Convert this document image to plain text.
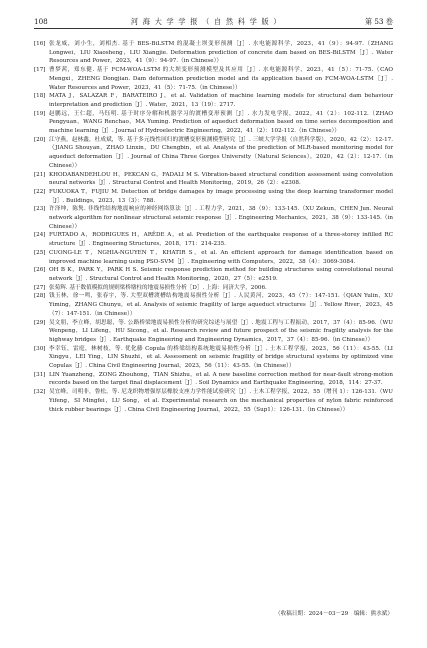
108	河 海 大 学 学 报 （ 自 然 科 学 版 ）	第 53 卷
[16] 张龙威，刘小生，刘相杰. 基于 BES-BiLSTM 的混凝土坝变形预测［J］. 水电能源科学，2023，41（9）：94-97.（ZHANG Longwei，LIU Xiaosheng，LIU Xiangjie. Deformation prediction of concrete dam based on BES-BiLSTM［J］. Water Resources and Power，2023，41（9）：94-97.（in Chinese））
[17] 曹梦茜，郑东健. 基于 FCM-WOA-LSTM 的大坝变形预测模型及其应用［J］. 水电能源科学，2023，41（5）：71-75.（CAO Mengxi，ZHENG Dongjian. Dam deformation prediction model and its application based on FCM-WOA-LSTM［J］. Water Resources and Power，2023，41（5）：71-75.（in Chinese））
[18] MATA J，SALAZAR F，BARATEIRO J，et al. Validation of machine learning models for structural dam behaviour interpretation and prediction［J］. Water，2021，13（19）：2717.
[19] 赵鹏远，王仁超，马钰明. 基于时序分解和机器学习的渡槽变形预测［J］. 水力发电学报，2022，41（2）：102-112.（ZHAO Pengyuan，WANG Renchao，MA Yuming. Prediction of aqueduct deformation based on time series decomposition and machine learning［J］. Journal of Hydroelectric Engineering，2022，41（2）：102-112.（in Chinese））
[20] 江守燕，赵林鑫，杜成斌，等. 基于多元线性回归的渡槽变形预测模型研究［J］. 三峡大学学报（自然科学版），2020，42（2）：12-17.（JIANG Shouyan，ZHAO Linxin，DU Chengbin，et al. Analysis of the prediction of MLR-based monitoring model for aqueduct deformation［J］. Journal of China Three Gorges University（Natural Sciences），2020，42（2）：12-17.（in Chinese））
[21] KHODABANDEHLOU H，PEKCAN G，FADALI M S. Vibration-based structural condition assessment using convolution neural networks［J］. Structural Control and Health Monitoring，2019，26（2）：e2308.
[22] FUKUOKA T，FUJIU M. Detection of bridge damages by image processing using the deep learning transformer model［J］. Buildings，2023，13（3）：788.
[23] 许泽坤，陈隽. 非线性结构地震响应的神经网络算法［J］. 工程力学，2021，38（9）：133-145.（XU Zekun，CHEN Jun. Neural network algorithm for nonlinear structural seismic response［J］. Engineering Mechanics，2021，38（9）：133-145.（in Chinese））
[24] FURTADO A，RODRIGUES H，ARÊDE A，et al. Prediction of the earthquake response of a three-storey infilled RC structure［J］. Engineering Structures，2018，171：214-235.
[25] CUONG-LE T，NGHIA-NGUYEN T，KHATIR S，et al. An efficient approach for damage identification based on improved machine learning using PSO-SVM［J］. Engineering with Computers，2022，38（4）：3069-3084.
[26] OH B K，PARK Y，PARK H S. Seismic response prediction method for building structures using convolutional neural network［J］. Structural Control and Health Monitoring，2020，27（5）：e2519.
[27] 张菊辉. 基于数值模拟的规则梁桥墩柱的地震易损性分析［D］. 上海：同济大学，2006.
[28] 钱玉林，徐一鸣，张春宇，等. 大型双槽渡槽结构地震易损性分析［J］. 人民黄河，2023，45（7）：147-151.（QIAN Yulin，XU Yiming，ZHANG Chunyu，et al. Analysis of seismic fragility of large aqueduct structures［J］. Yellow River，2023，45（7）：147-151.（in Chinese））
[29] 吴文朋，李立峰，胡思聪，等. 公路桥梁地震易损性分析的研究综述与展望［J］. 地震工程与工程振动，2017，37（4）：85-96.（WU Wenpeng，LI Lifeng，HU Sicong，et al. Research review and future prospect of the seismic fragility analysis for the highway bridges［J］. Earthquake Engineering and Engineering Dynamics，2017，37（4）：85-96.（in Chinese））
[30] 李幸钰，雷庭，林树枝，等. 优化藤 Copula 的桥梁结构系统地震易损性分析［J］. 土木工程学报，2023，56（11）：43-55.（LI Xingyu，LEI Ying，LIN Shuzhi，et al. Assessment on seismic fragility of bridge structural systems by optimized vine Copulas［J］. China Civil Engineering Journal，2023，56（11）：43-55.（in Chinese））
[31] LIN Yuanzheng，ZONG Zhouhong，TIAN Shizhu，et al. A new baseline correction method for near-fault strong-motion records based on the target final displacement［J］. Soil Dynamics and Earthquake Engineering，2018，114：27-37.
[32] 吴宜峰，司明非，鲁松，等. 尼龙织物增强厚层橡胶支座力学性能试验研究［J］. 土木工程学报，2022，55（增刊 1）：126-131.（WU Yifeng，SI Mingfei，LU Song，et al. Experimental research on the mechanical properties of nylon fabric reinforced thick rubber bearings［J］. China Civil Engineering Journal，2022，55（Sup1）：126-131.（in Chinese））
（收稿日期：2024－03－29　编辑：熊水斌）
